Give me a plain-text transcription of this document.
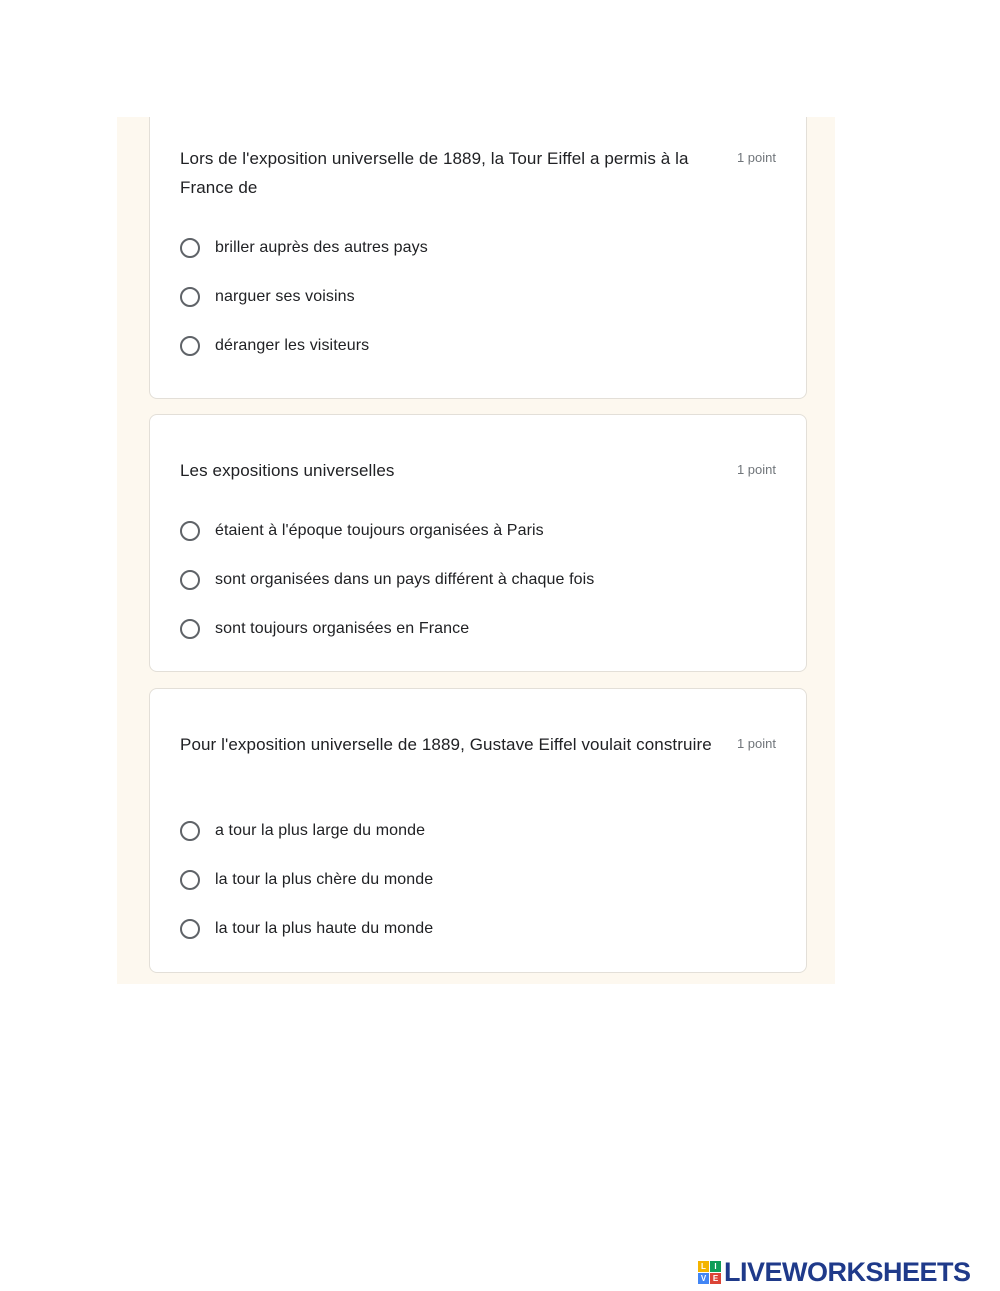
Lors de l'exposition universelle de 1889, la Tour Eiffel a permis à la France de
1 point
briller auprès des autres pays
narguer ses voisins
déranger les visiteurs
Les expositions universelles	1 point
étaient à l'époque toujours organisées à Paris
sont organisées dans un pays différent à chaque fois
sont toujours organisées en France
Pour l'exposition universelle de 1889, Gustave Eiffel voulait construire 1 point
a tour la plus large du monde
la tour la plus chère du monde
la tour la plus haute du monde
L	I
V E LIVEWORKSHEETS
